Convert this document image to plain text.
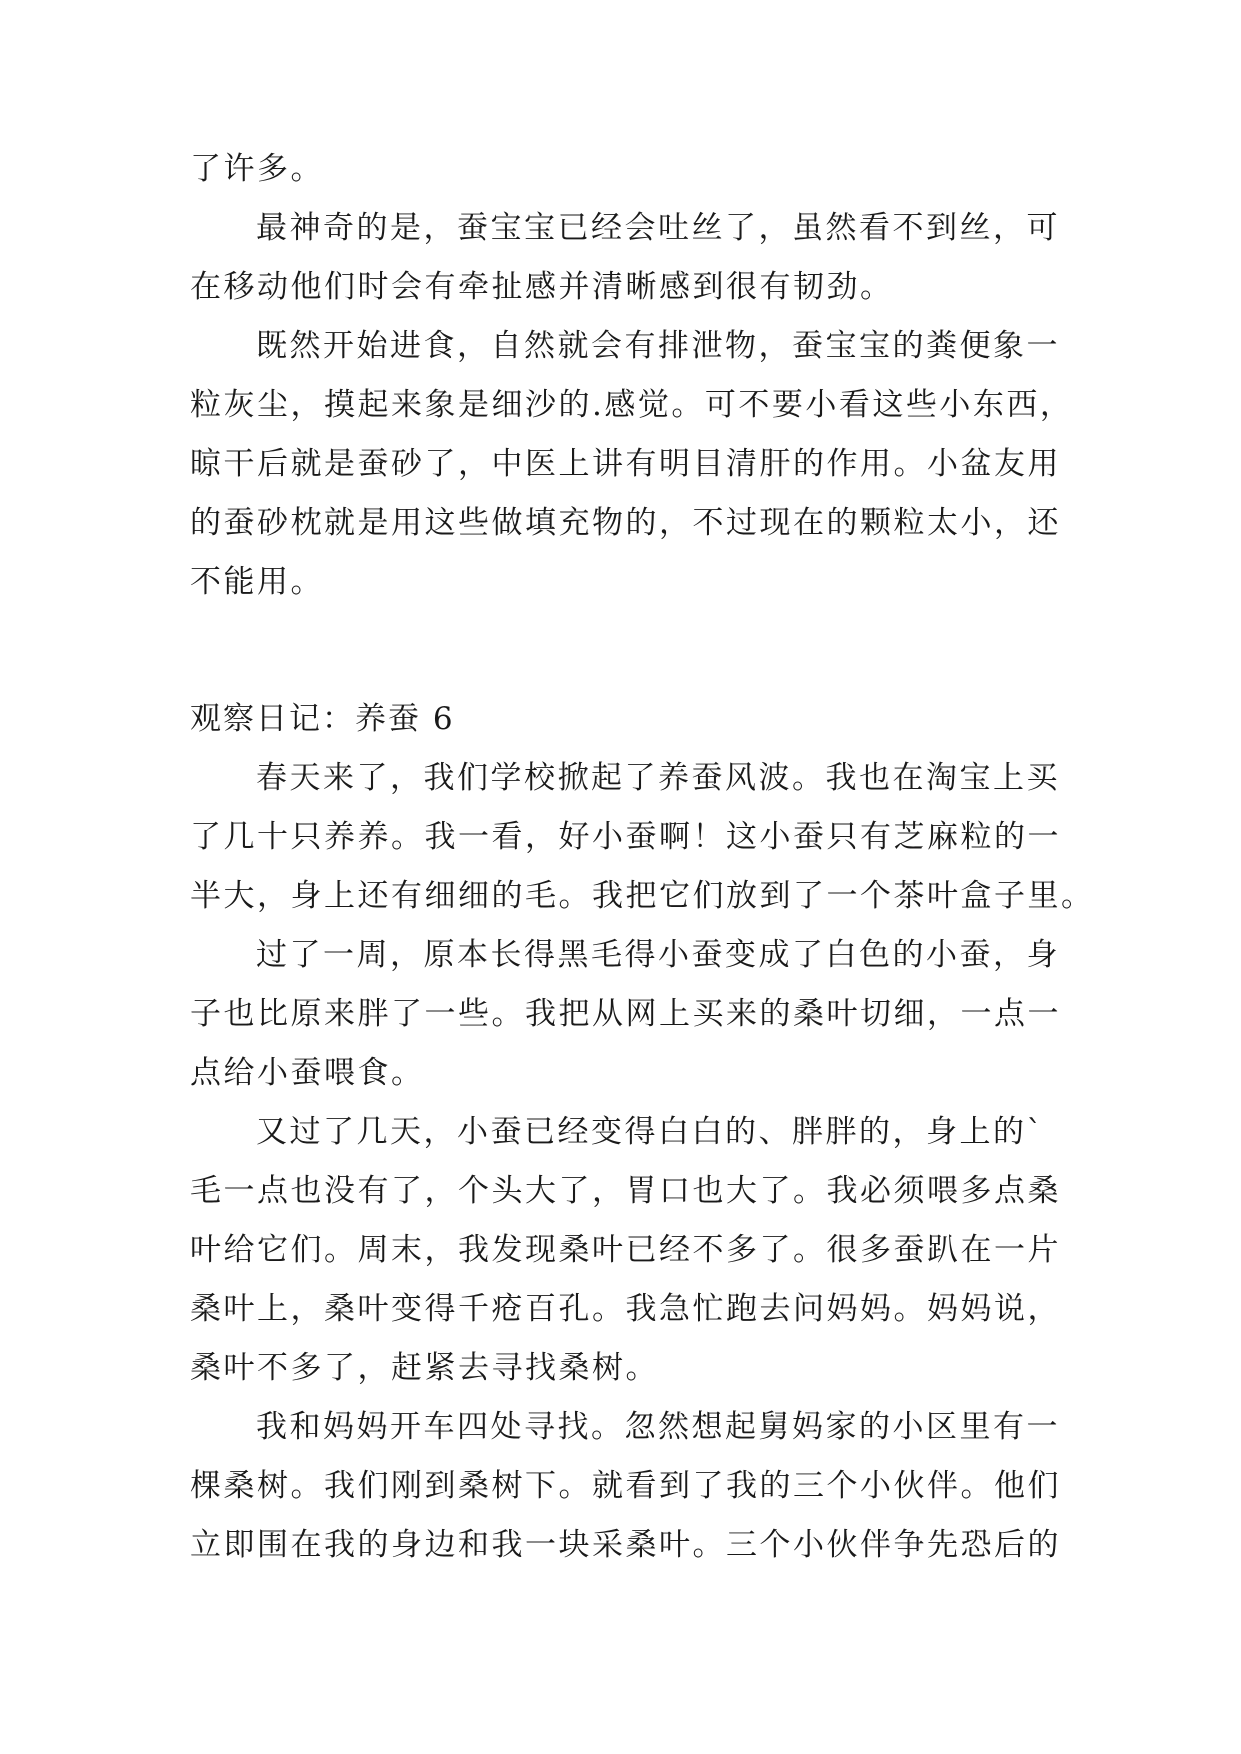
了许多。

最神奇的是，蚕宝宝已经会吐丝了，虽然看不到丝，可
在移动他们时会有牵扯感并清晰感到很有韧劲。

既然开始进食，自然就会有排泄物，蚕宝宝的粪便象一
粒灰尘，摸起来象是细沙的.感觉。可不要小看这些小东西，
晾干后就是蚕砂了，中医上讲有明目清肝的作用。小盆友用
的蚕砂枕就是用这些做填充物的，不过现在的颗粒太小，还
不能用。

观察日记：养蚕 6

春天来了，我们学校掀起了养蚕风波。我也在淘宝上买
了几十只养养。我一看，好小蚕啊！这小蚕只有芝麻粒的一
半大，身上还有细细的毛。我把它们放到了一个茶叶盒子里。

过了一周，原本长得黑毛得小蚕变成了白色的小蚕，身
子也比原来胖了一些。我把从网上买来的桑叶切细，一点一
点给小蚕喂食。

又过了几天，小蚕已经变得白白的、胖胖的，身上的`
毛一点也没有了，个头大了，胃口也大了。我必须喂多点桑
叶给它们。周末，我发现桑叶已经不多了。很多蚕趴在一片
桑叶上，桑叶变得千疮百孔。我急忙跑去问妈妈。妈妈说，
桑叶不多了，赶紧去寻找桑树。

我和妈妈开车四处寻找。忽然想起舅妈家的小区里有一
棵桑树。我们刚到桑树下。就看到了我的三个小伙伴。他们
立即围在我的身边和我一块采桑叶。三个小伙伴争先恐后的
